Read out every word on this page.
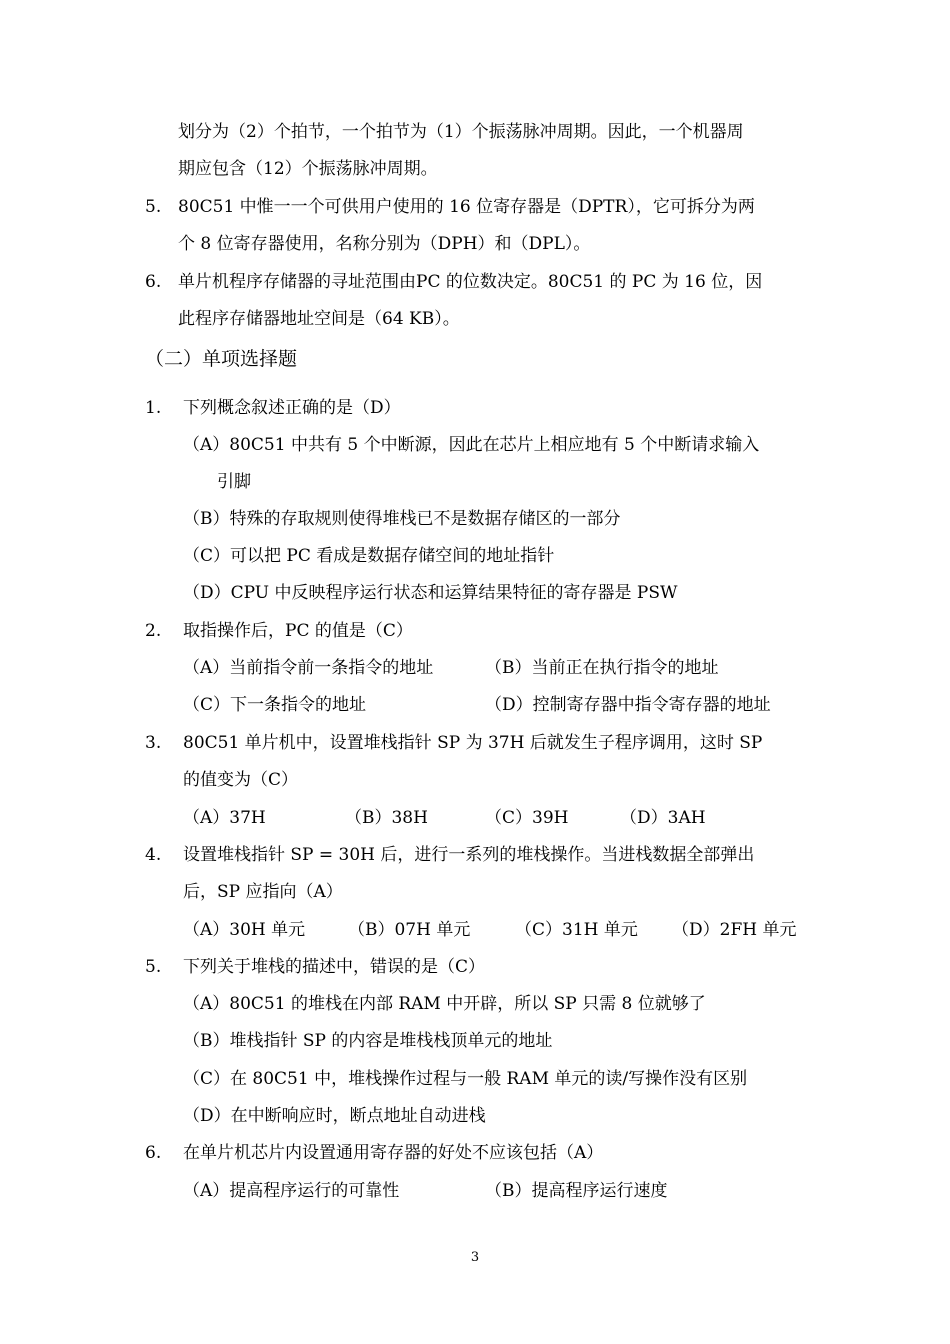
划分为（2）个拍节，一个拍节为（1）个振荡脉冲周期。因此，一个机器周
期应包含（12）个振荡脉冲周期。
5. 80C51 中惟一一个可供用户使用的 16 位寄存器是（DPTR），它可拆分为两
个 8 位寄存器使用，名称分别为（DPH）和（DPL）。
6. 单片机程序存储器的寻址范围由PC 的位数决定。80C51 的 PC 为 16 位，因
此程序存储器地址空间是（64 KB）。
（二）单项选择题
1. 下列概念叙述正确的是（D）
（A）80C51 中共有 5 个中断源，因此在芯片上相应地有 5 个中断请求输入
引脚
（B）特殊的存取规则使得堆栈已不是数据存储区的一部分
（C）可以把 PC 看成是数据存储空间的地址指针
（D）CPU 中反映程序运行状态和运算结果特征的寄存器是 PSW
2. 取指操作后，PC 的值是（C）
（A）当前指令前一条指令的地址	（B）当前正在执行指令的地址
（C）下一条指令的地址	（D）控制寄存器中指令寄存器的地址
3. 80C51 单片机中，设置堆栈指针 SP 为 37H 后就发生子程序调用，这时 SP
的值变为（C）
（A）37H	（B）38H	（C）39H	（D）3AH
4. 设置堆栈指针 SP = 30H 后，进行一系列的堆栈操作。当进栈数据全部弹出
后，SP 应指向（A）
（A）30H 单元	（B）07H 单元	（C）31H 单元 （D）2FH 单元
5. 下列关于堆栈的描述中，错误的是（C）
（A）80C51 的堆栈在内部 RAM 中开辟，所以 SP 只需 8 位就够了
（B）堆栈指针 SP 的内容是堆栈栈顶单元的地址
（C）在 80C51 中，堆栈操作过程与一般 RAM 单元的读/写操作没有区别
（D）在中断响应时，断点地址自动进栈
6. 在单片机芯片内设置通用寄存器的好处不应该包括（A）
（A）提高程序运行的可靠性	（B）提高程序运行速度
3
